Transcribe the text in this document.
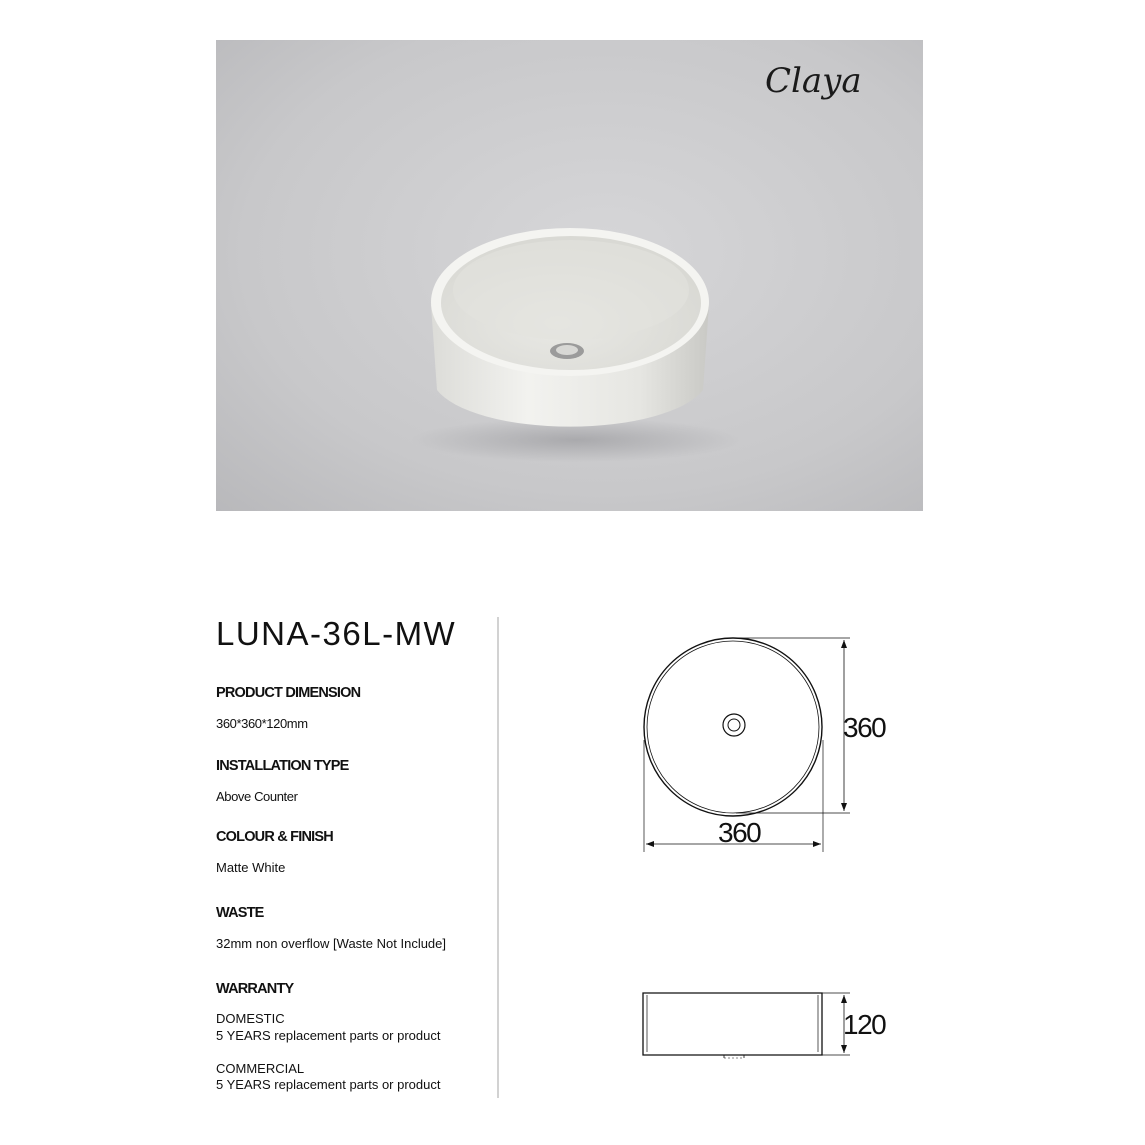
Claya
LUNA-36L-MW

PRODUCT DIMENSION

360*360*120mm

INSTALLATION TYPE

Above Counter

COLOUR & FINISH

Matte White

WASTE

32mm non overflow [Waste Not Include]

WARRANTY

DOMESTIC

5 YEARS replacement parts or product

COMMERCIAL

5 YEARS replacement parts or product

360
360
120
